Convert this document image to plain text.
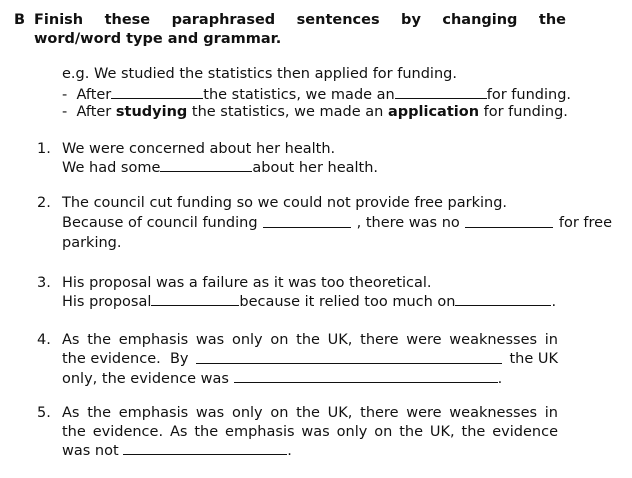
B Finish these paraphrased sentences by changing the
word/word type and grammar.
e.g. We studied the statistics then applied for funding.
- After	the statistics, we made an	for funding.
- After studying the statistics, we made an application for funding.
1. We were concerned about her health.
We had some	about her health.
2. The council cut funding so we could not provide free parking.
Because of council funding	, there was no	for free
parking.
3. His proposal was a failure as it was too theoretical.
His proposal	because it relied too much on	.
4. As the emphasis was only on the UK, there were weaknesses in
the evidence.  By	the UK
only, the evidence was	.
5. As the emphasis was only on the UK, there were weaknesses in
the evidence. As the emphasis was only on the UK, the evidence
was not	.
